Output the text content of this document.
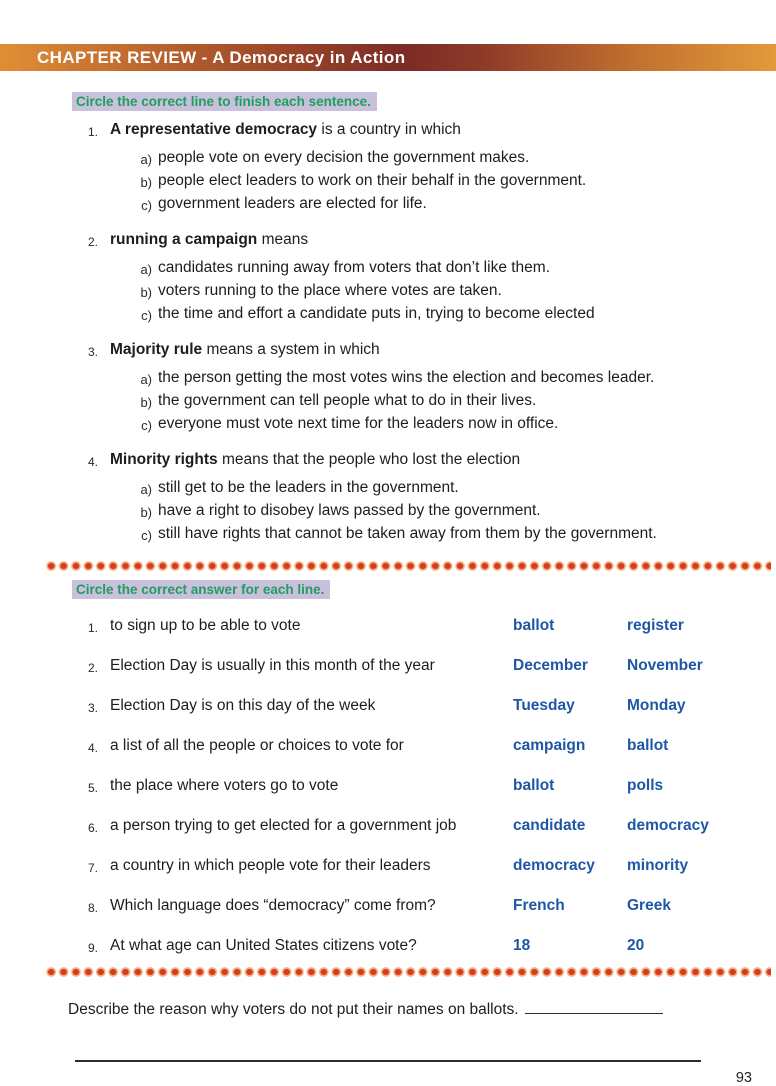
CHAPTER REVIEW - A Democracy in Action
Circle the correct line to finish each sentence.
1. A representative democracy is a country in which
a) people vote on every decision the government makes.
b) people elect leaders to work on their behalf in the government.
c) government leaders are elected for life.
2. running a campaign means
a) candidates running away from voters that don’t like them.
b) voters running to the place where votes are taken.
c) the time and effort a candidate puts in, trying to become elected
3. Majority rule means a system in which
a) the person getting the most votes wins the election and becomes leader.
b) the government can tell people what to do in their lives.
c) everyone must vote next time for the leaders now in office.
4. Minority rights means that the people who lost the election
a) still get to be the leaders in the government.
b) have a right to disobey laws passed by the government.
c) still have rights that cannot be taken away from them by the government.
Circle the correct answer for each line.
1. to sign up to be able to vote	ballot	register
2. Election Day is usually in this month of the year	December	November
3. Election Day is on this day of the week	Tuesday	Monday
4. a list of all the people or choices to vote for	campaign	ballot
5. the place where voters go to vote	ballot	polls
6. a person trying to get elected for a government job	candidate	democracy
7. a country in which people vote for their leaders	democracy	minority
8. Which language does “democracy” come from?	French	Greek
9. At what age can United States citizens vote?	18	20
Describe the reason why voters do not put their names on ballots.
93
